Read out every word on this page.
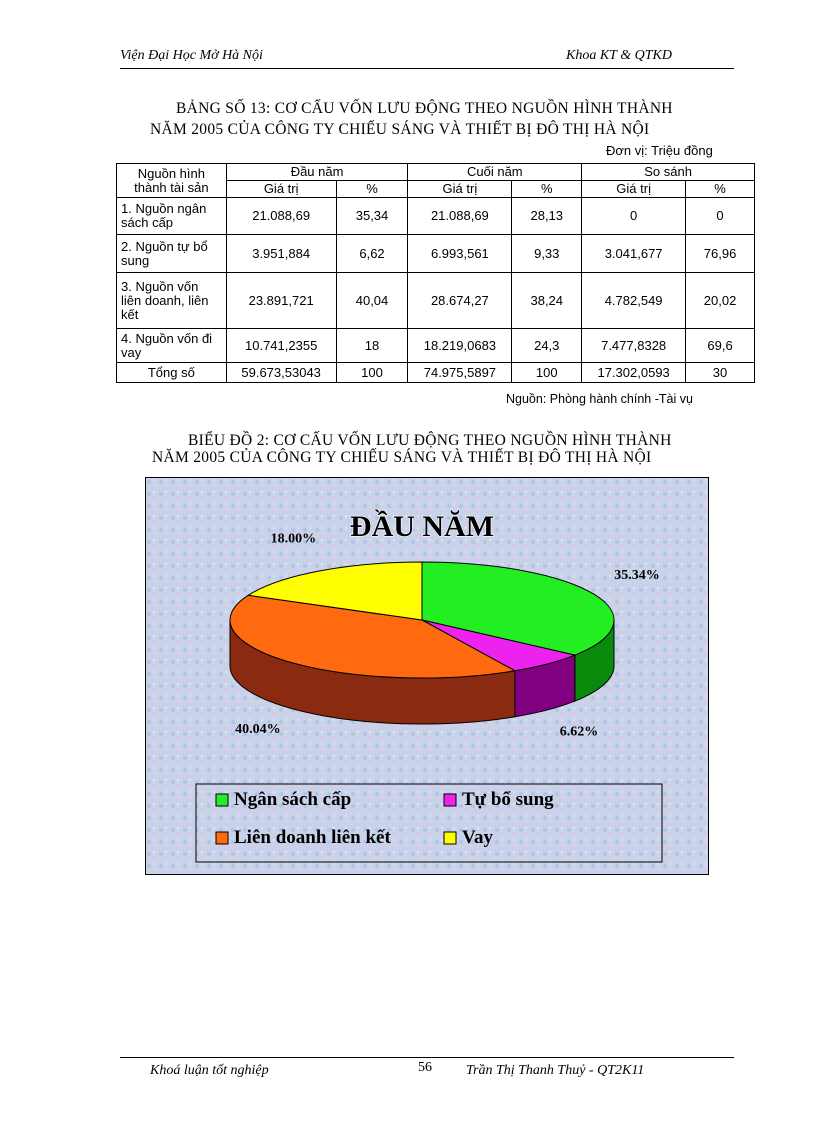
Viện Đại Học Mở Hà Nội	Khoa KT & QTKD
BẢNG SỐ 13: CƠ CẤU VỐN LƯU ĐỘNG THEO NGUỒN HÌNH THÀNH
NĂM 2005 CỦA CÔNG TY CHIẾU SÁNG VÀ THIẾT BỊ ĐÔ THỊ HÀ NỘI
Đơn vị: Triệu đồng
Nguồn hình thành tài sản	Đầu năm		Cuối năm		So sánh	
	Giá trị	%	Giá trị	%	Giá trị	%
1. Nguồn ngân sách cấp	21.088,69	35,34	21.088,69	28,13	0	0
2. Nguồn tự bổ sung	3.951,884	6,62	6.993,561	9,33	3.041,677	76,96
3. Nguồn vốn liên doanh, liên kết	23.891,721	40,04	28.674,27	38,24	4.782,549	20,02
4. Nguồn vốn đi vay	10.741,2355	18	18.219,0683	24,3	7.477,8328	69,6
Tổng số	59.673,53043	100	74.975,5897	100	17.302,0593	30
Nguồn: Phòng hành chính -Tài vụ
BIỂU ĐỒ 2: CƠ CẤU VỐN LƯU ĐỘNG THEO NGUỒN HÌNH THÀNH
NĂM 2005 CỦA CÔNG TY CHIẾU SÁNG VÀ THIẾT BỊ ĐÔ THỊ HÀ NỘI
ĐẦU NĂM
35.34%
6.62%
40.04%
18.00%
Ngân sách cấp	Tự bổ sung
Liên doanh liên kết	Vay
Khoá luận tốt nghiệp	56 Trần Thị Thanh Thuỷ - QT2K11
